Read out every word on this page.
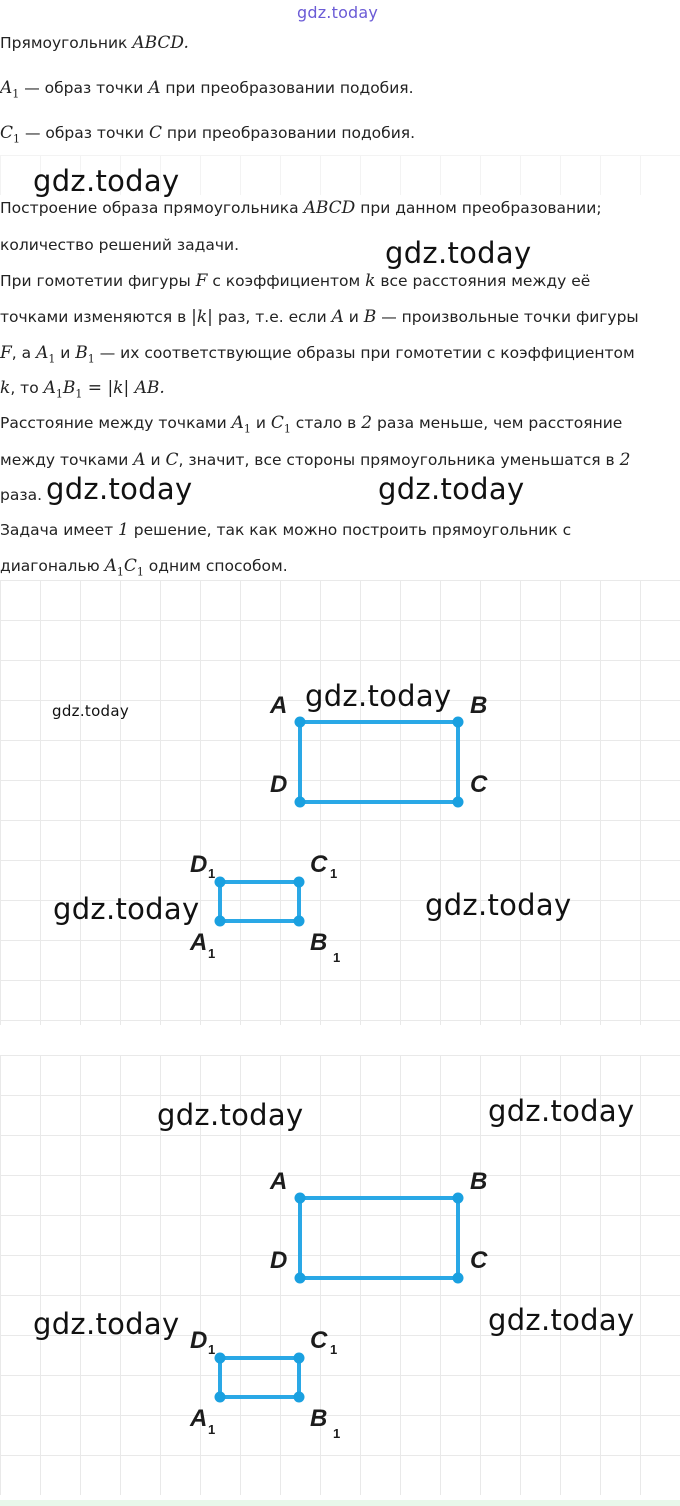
gdz.today
Прямоугольник ABCD.
$A_1$ — образ точки A при преобразовании подобия.
$C_1$ — образ точки C при преобразовании подобия.
gdz.today
Построение образа прямоугольника ABCD при данном преобразовании;
количество решений задачи.	gdz.today
При гомотетии фигуры F с коэффициентом k все расстояния между её
точками изменяются в |k| раз, т.е. если A и B — произвольные точки фигуры
F, а $A_1$ и $B_1$ — их соответствующие образы при гомотетии с коэффициентом
k, то $A_1B_1 = |k|$ AB.
Расстояние между точками $A_1$ и $C_1$ стало в 2 раза меньше, чем расстояние
между точками A и C, значит, все стороны прямоугольника уменьшатся в 2
раза. gdz.today	gdz.today
Задача имеет 1 решение, так как можно построить прямоугольник с
диагональю $A_1C_1$ одним способом.
A	B
C
D
D 1	C 1
A 1	B
1
gdz.today	gdz.today
gdz.today	gdz.today
A	B
C
D
D 1	C 1
A 1	B
1
gdz.today	gdz.today
gdz.today	gdz.today
